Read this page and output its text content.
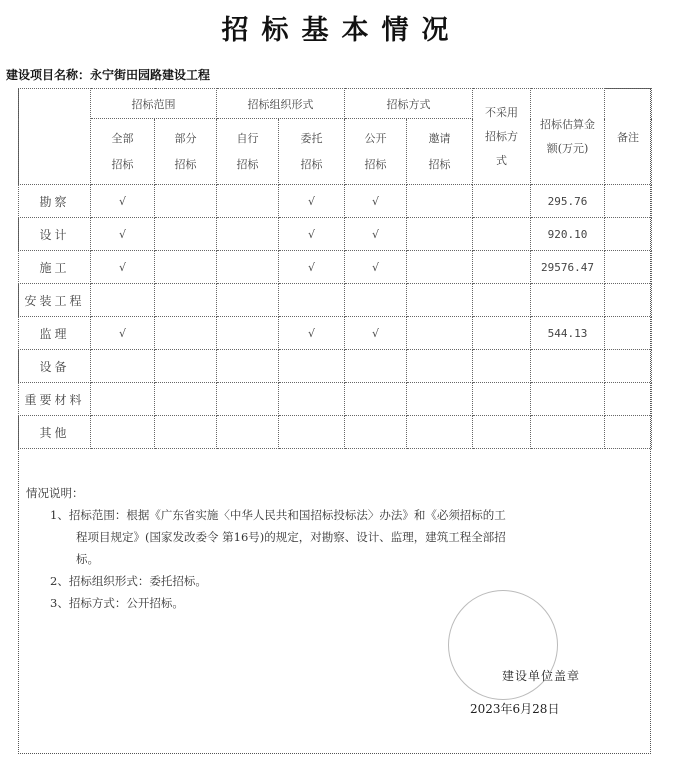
招标基本情况
建设项目名称：永宁街田园路建设工程
	招标范围		招标组织形式		招标方式		不采用招标方式	招标估算金额(万元)	备注

	全部招标	部分招标	自行招标	委托招标	公开招标	邀请招标			

勘察	√			√	√			295.76	
设计	√			√	√			920.10	
施工	√			√	√			29576.47	
安装工程									
监理	√			√	√			544.13	
设备									
重要材料									
其他									
情况说明：
1、招标范围：根据《广东省实施〈中华人民共和国招标投标法〉办法》和《必须招标的工
程项目规定》(国家发改委令 第16号)的规定，对勘察、设计、监理，建筑工程全部招
标。
2、招标组织形式：委托招标。
3、招标方式：公开招标。
建设单位盖章
2023年6月28日
